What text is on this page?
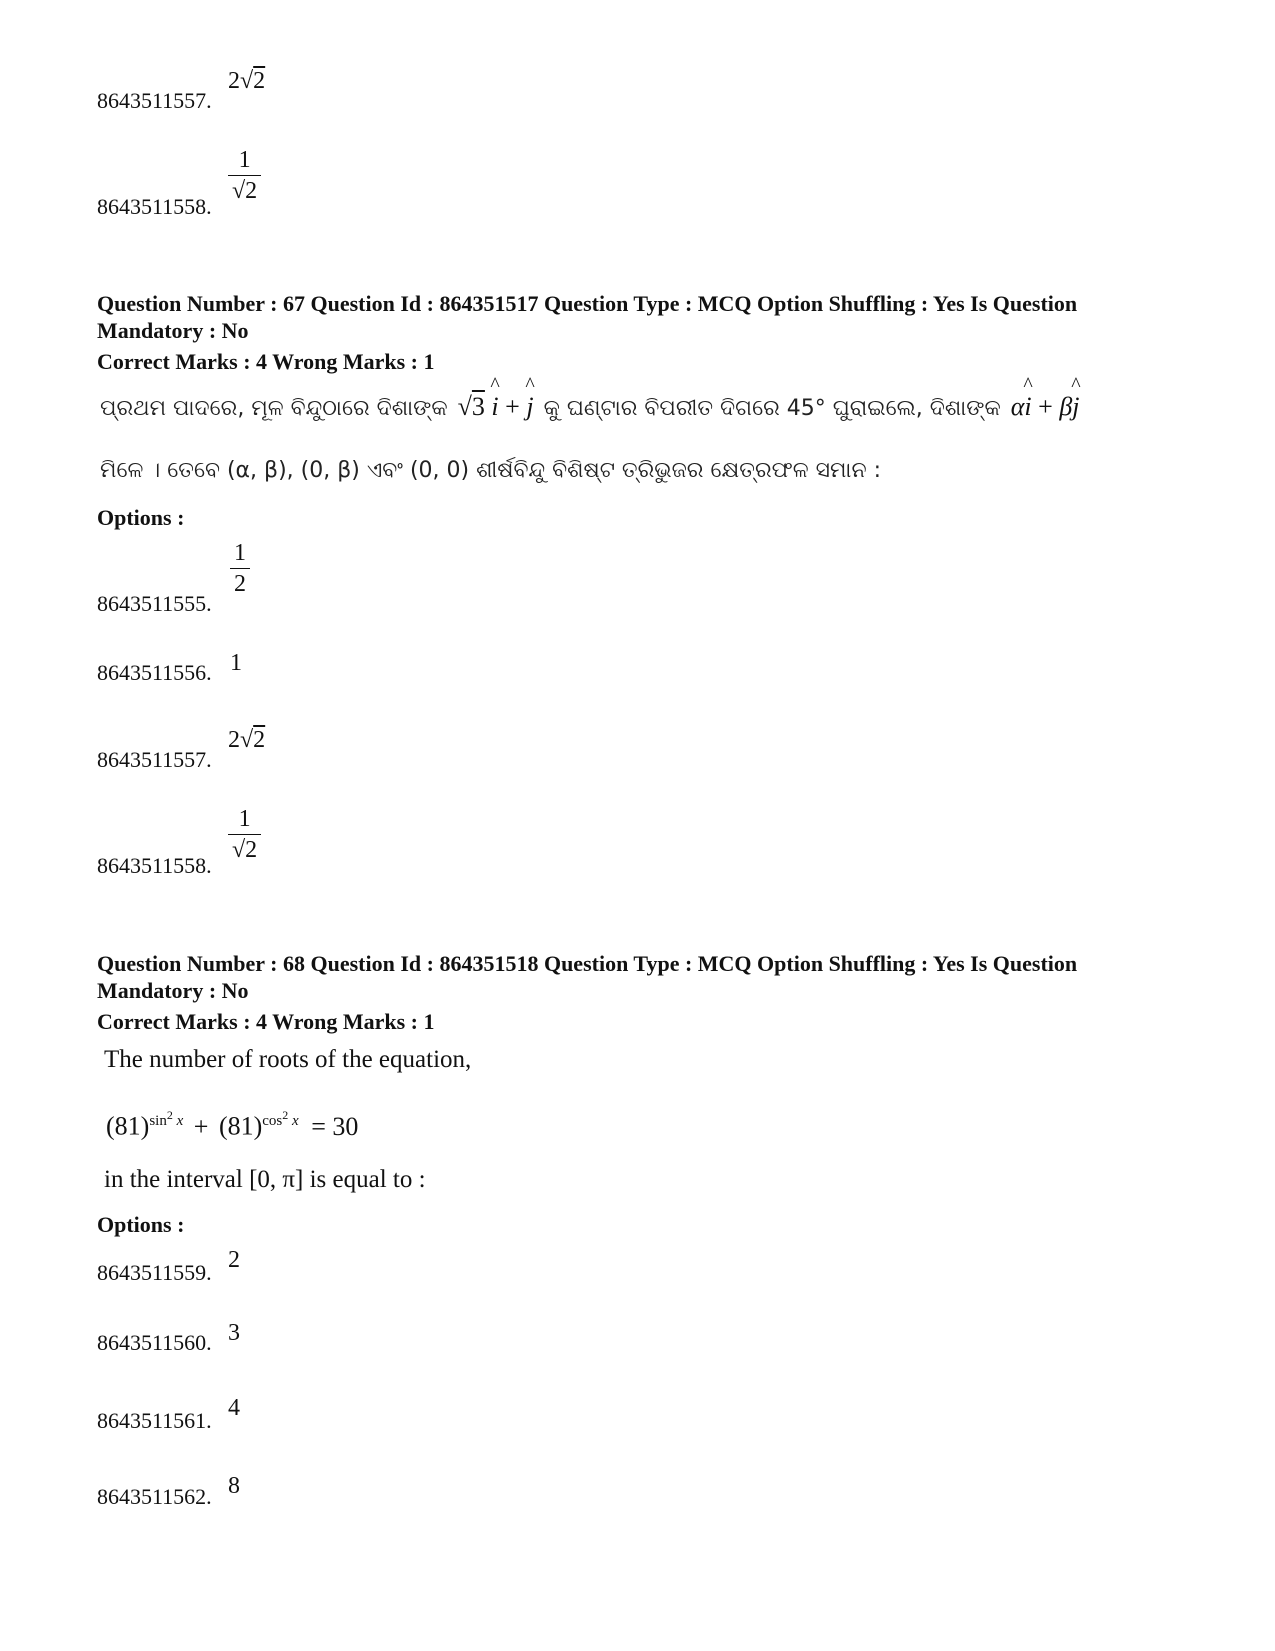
8643511557.
2√2
8643511558.
$\frac{1}{√2}$
Question Number : 67 Question Id : 864351517 Question Type : MCQ Option Shuffling : Yes Is Question
Mandatory : No
Correct Marks : 4 Wrong Marks : 1
ପ୍ରଥମ ପାଦରେ, ମୂଳ ବିନ୍ଦୁଠାରେ ଦିଶାଙ୍କ √3 ^ i + ^ j କୁ ଘଣ୍ଟାର ବିପରୀତ ଦିଗରେ 45° ଘୁରାଇଲେ, ଦିଶାଙ୍କ α^ i + β^ j
ମିଳେ । ତେବେ (α, β), (0, β) ଏବଂ (0, 0) ଶୀର୍ଷବିନ୍ଦୁ ବିଶିଷ୍ଟ ତ୍ରିଭୁଜର କ୍ଷେତ୍ରଫଳ ସମାନ :
Options :
8643511555.
$\frac{1}{2}$
8643511556. 1
8643511557.
2√2
8643511558.
$\frac{1}{√2}$
Question Number : 68 Question Id : 864351518 Question Type : MCQ Option Shuffling : Yes Is Question
Mandatory : No
Correct Marks : 4 Wrong Marks : 1
The number of roots of the equation,
$(81)^{sin^2 x} + (81)^{cos^2 x} = 30$
in the interval [0, π] is equal to :
Options :
8643511559. 2
8643511560. 3
8643511561. 4
8643511562. 8
